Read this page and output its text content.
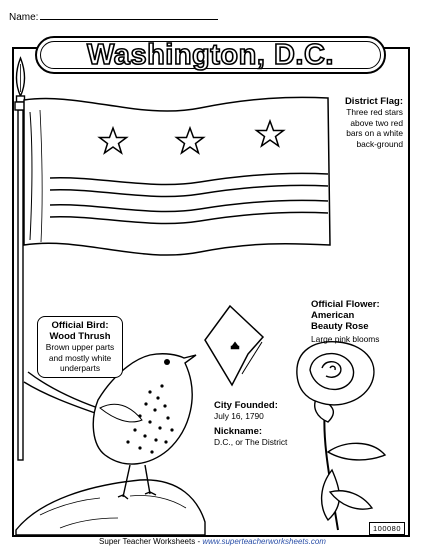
Name:
Washington, D.C.
District Flag:
Three red stars above two red bars on a white back-ground
Official Bird:
Wood Thrush
Brown upper parts and mostly white underparts
Official Flower:
American
Beauty Rose
Large pink blooms
City Founded:
July 16, 1790
Nickname:
D.C., or The District
100080
Super Teacher Worksheets - www.superteacherworksheets.com
